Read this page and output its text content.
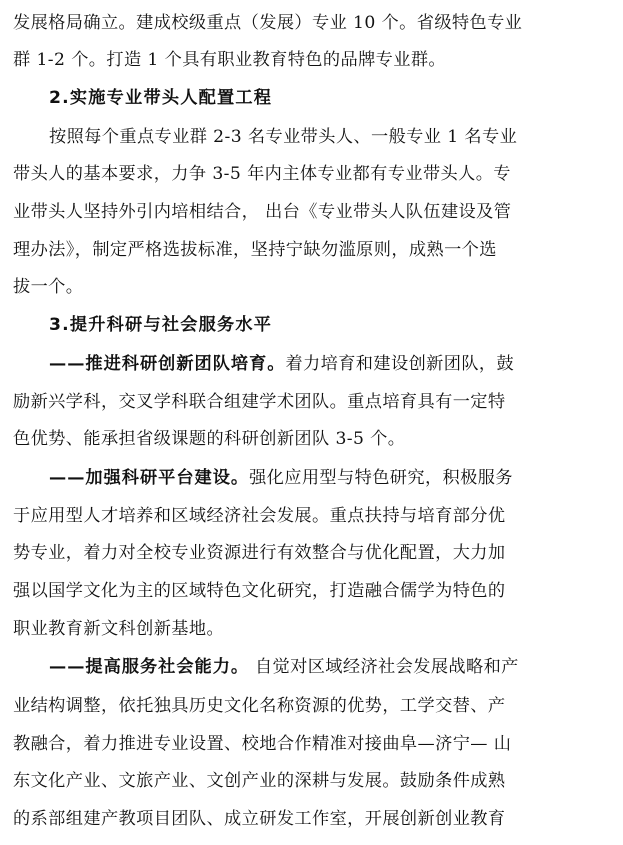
发展格局确立。建成校级重点（发展）专业 10 个。省级特色专业
群 1-2 个。打造 1 个具有职业教育特色的品牌专业群。
2.实施专业带头人配置工程
按照每个重点专业群 2-3 名专业带头人、一般专业 1 名专业
带头人的基本要求，力争 3-5 年内主体专业都有专业带头人。专
业带头人坚持外引内培相结合， 出台《专业带头人队伍建设及管
理办法》，制定严格选拔标准，坚持宁缺勿滥原则，成熟一个选
拔一个。
3.提升科研与社会服务水平
——推进科研创新团队培育。着力培育和建设创新团队，鼓
励新兴学科，交叉学科联合组建学术团队。重点培育具有一定特
色优势、能承担省级课题的科研创新团队 3-5 个。
——加强科研平台建设。强化应用型与特色研究，积极服务
于应用型人才培养和区域经济社会发展。重点扶持与培育部分优
势专业，着力对全校专业资源进行有效整合与优化配置，大力加
强以国学文化为主的区域特色文化研究，打造融合儒学为特色的
职业教育新文科创新基地。
——提高服务社会能力。 自觉对区域经济社会发展战略和产
业结构调整，依托独具历史文化名称资源的优势，工学交替、产
教融合，着力推进专业设置、校地合作精准对接曲阜—济宁— 山
东文化产业、文旅产业、文创产业的深耕与发展。鼓励条件成熟
的系部组建产教项目团队、成立研发工作室，开展创新创业教育
